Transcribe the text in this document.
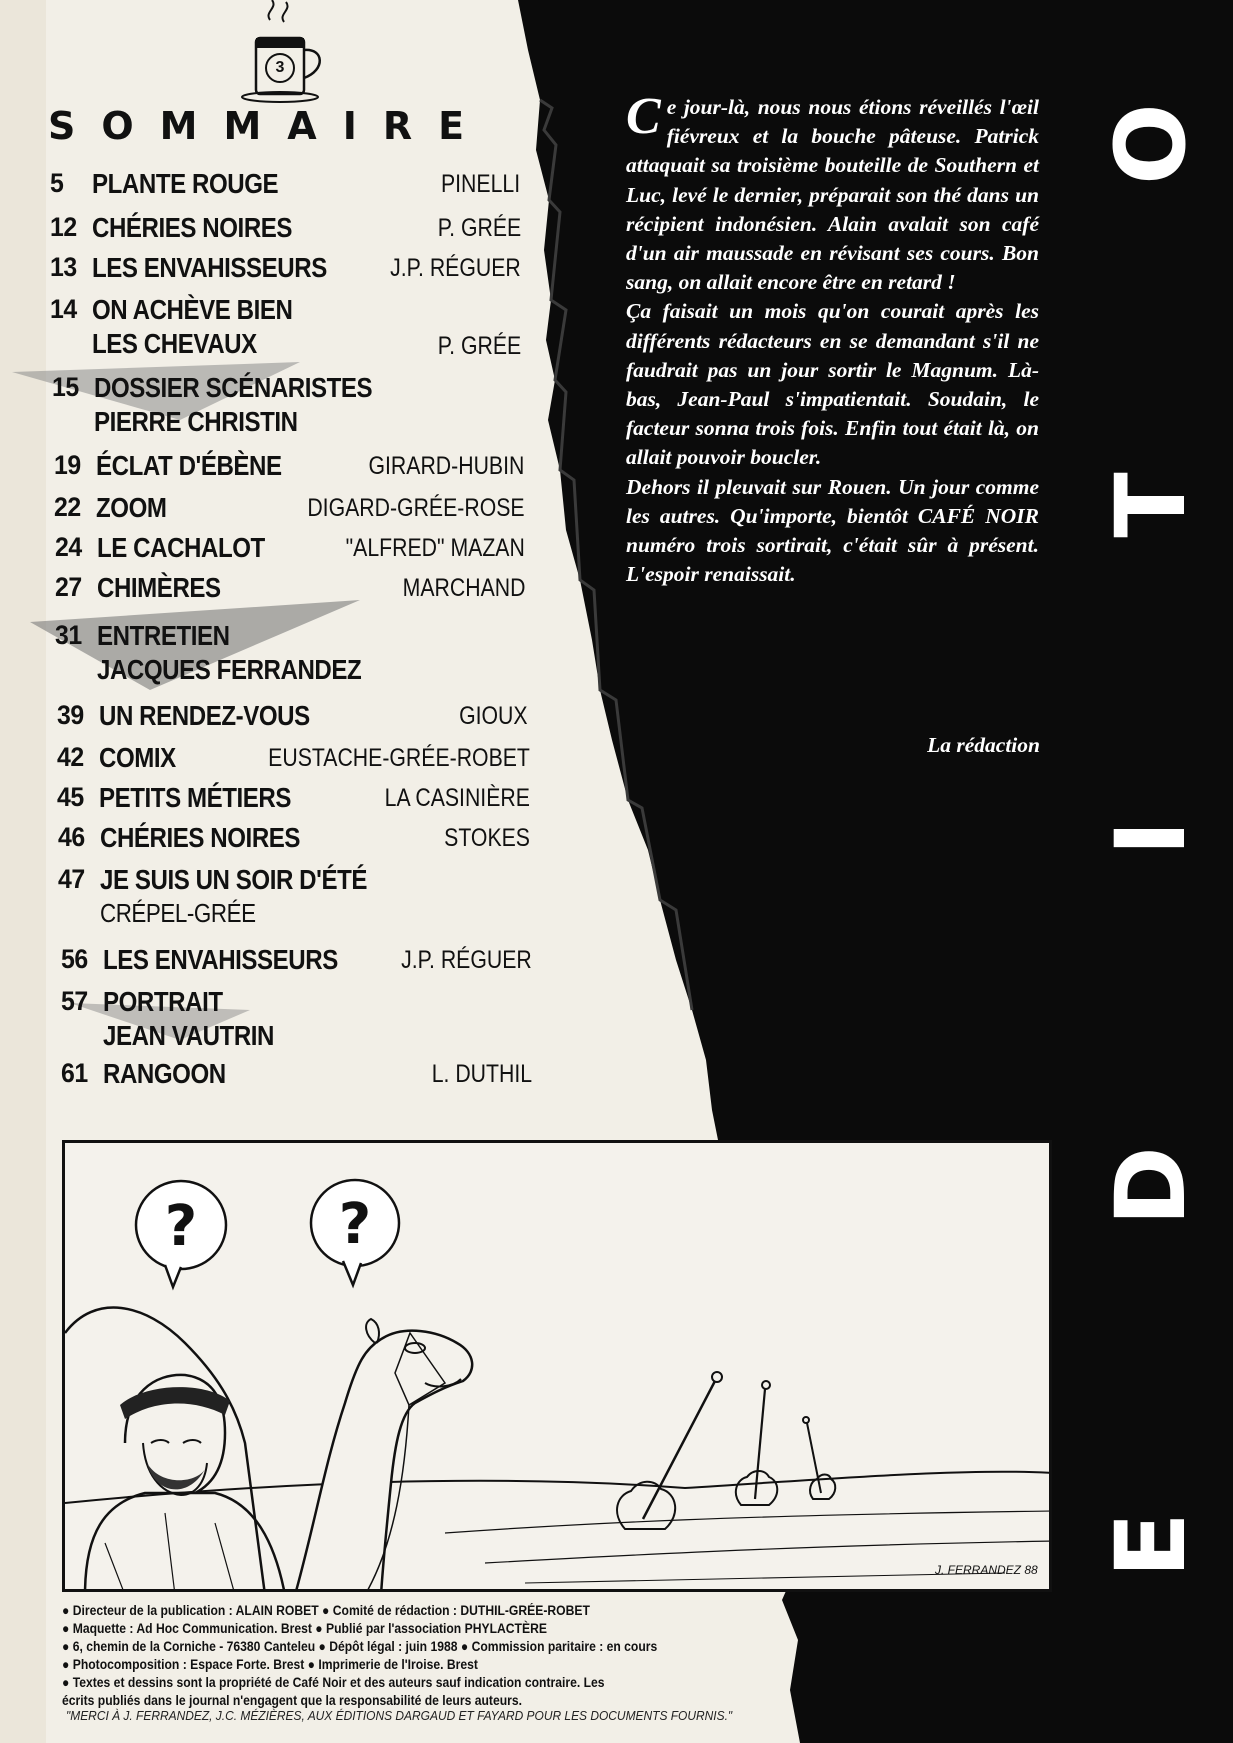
3
SOMMAIRE
5 PLANTE ROUGE	PINELLI
12 CHÉRIES NOIRES	P. GRÉE
13 LES ENVAHISSEURS	J.P. RÉGUER
14 ON ACHÈVE BIEN
LES CHEVAUX	P. GRÉE
15 DOSSIER SCÉNARISTES
PIERRE CHRISTIN
19 ÉCLAT D'ÉBÈNE	GIRARD-HUBIN
22 ZOOM	DIGARD-GRÉE-ROSE
24 LE CACHALOT	"ALFRED" MAZAN
27 CHIMÈRES	MARCHAND
31 ENTRETIEN
JACQUES FERRANDEZ
39 UN RENDEZ-VOUS	GIOUX
42 COMIX	EUSTACHE-GRÉE-ROBET
45 PETITS MÉTIERS	LA CASINIÈRE
46 CHÉRIES NOIRES	STOKES
47 JE SUIS UN SOIR D'ÉTÉ
CRÉPEL-GRÉE
56 LES ENVAHISSEURS	J.P. RÉGUER
57 PORTRAIT
JEAN VAUTRIN
61 RANGOON	L. DUTHIL

Ce jour-là, nous nous étions réveillés l'œil fiévreux et la bouche pâteuse. Patrick attaquait sa troisième bouteille de Southern et Luc, levé le dernier, préparait son thé dans un récipient indonésien. Alain avalait son café d'un air maussade en révisant ses cours. Bon sang, on allait encore être en retard !

Ça faisait un mois qu'on courait après les différents rédacteurs en se demandant s'il ne faudrait pas un jour sortir le Magnum. Là-bas, Jean-Paul s'impatientait. Soudain, le facteur sonna trois fois. Enfin tout était là, on allait pouvoir boucler.

Dehors il pleuvait sur Rouen. Un jour comme les autres. Qu'importe, bientôt CAFÉ NOIR numéro trois sortirait, c'était sûr à présent. L'espoir renaissait.

La rédaction
O
T
I
D
E
?	?
J. FERRANDEZ 88
● Directeur de la publication : ALAIN ROBET ● Comité de rédaction : DUTHIL-GRÉE-ROBET
● Maquette : Ad Hoc Communication. Brest ● Publié par l'association PHYLACTÈRE
● 6, chemin de la Corniche - 76380 Canteleu ● Dépôt légal : juin 1988 ● Commission paritaire : en cours
● Photocomposition : Espace Forte. Brest ● Imprimerie de l'Iroise. Brest
● Textes et dessins sont la propriété de Café Noir et des auteurs sauf indication contraire. Les
écrits publiés dans le journal n'engagent que la responsabilité de leurs auteurs.
"MERCI À J. FERRANDEZ, J.C. MÉZIÈRES, AUX ÉDITIONS DARGAUD ET FAYARD POUR LES DOCUMENTS FOURNIS."
